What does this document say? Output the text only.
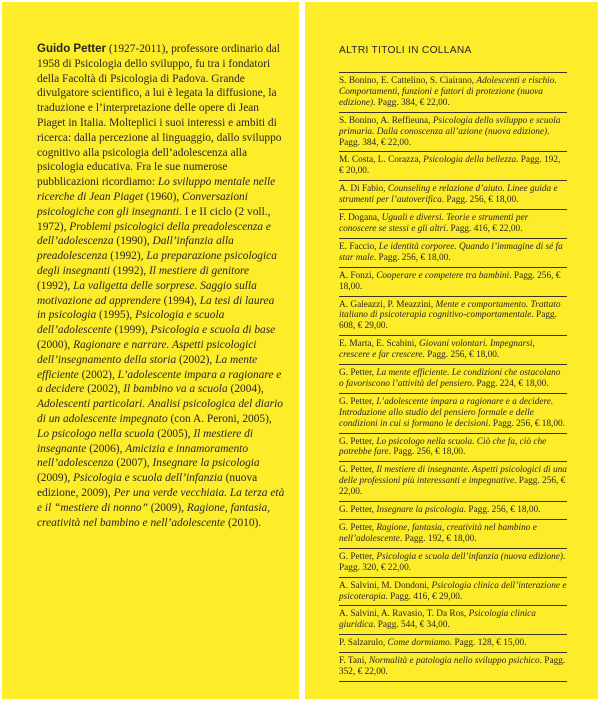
Guido Petter (1927-2011), professore ordinario dal 1958 di Psicologia dello sviluppo, fu tra i fondatori della Facoltà di Psicologia di Padova. Grande divulgatore scientifico, a lui è legata la diffusione, la traduzione e l’interpretazione delle opere di Jean Piaget in Italia. Molteplici i suoi interessi e ambiti di ricerca: dalla percezione al linguaggio, dallo sviluppo cognitivo alla psicologia dell’adolescenza alla psicologia educativa. Fra le sue numerose pubblicazioni ricordiamo: Lo sviluppo mentale nelle ricerche di Jean Piaget (1960), Conversazioni psicologiche con gli insegnanti. I e II ciclo (2 voll., 1972), Problemi psicologici della preadolescenza e dell’adolescenza (1990), Dall’infanzia alla preadolescenza (1992), La preparazione psicologica degli insegnanti (1992), Il mestiere di genitore (1992), La valigetta delle sorprese. Saggio sulla motivazione ad apprendere (1994), La tesi di laurea in psicologia (1995), Psicologia e scuola dell’adolescente (1999), Psicologia e scuola di base (2000), Ragionare e narrare. Aspetti psicologici dell’insegnamento della storia (2002), La mente efficiente (2002), L’adolescente impara a ragionare e a decidere (2002), Il bambino va a scuola (2004), Adolescenti particolari. Analisi psicologica del diario di un adolescente impegnato (con A. Peroni, 2005), Lo psicologo nella scuola (2005), Il mestiere di insegnante (2006), Amicizia e innamoramento nell’adolescenza (2007), Insegnare la psicologia (2009), Psicologia e scuola dell’infanzia (nuova edizione, 2009), Per una verde vecchiaia. La terza età e il “mestiere di nonno” (2009), Ragione, fantasia, creatività nel bambino e nell’adolescente (2010).
ALTRI TITOLI IN COLLANA
S. Bonino, E. Cattelino, S. Ciairano, Adolescenti e rischio. Comportamenti, funzioni e fattori di protezione (nuova edizione). Pagg. 384, € 22,00.
S. Bonino, A. Reffieuna, Psicologia dello sviluppo e scuola primaria. Dalla conoscenza all’azione (nuova edizione). Pagg. 384, € 22,00.
M. Costa, L. Corazza, Psicologia della bellezza. Pagg. 192, € 20,00.
A. Di Fabio, Counseling e relazione d’aiuto. Linee guida e strumenti per l’autoverifica. Pagg. 256, € 18,00.
F. Dogana, Uguali e diversi. Teorie e strumenti per conoscere se stessi e gli altri. Pagg. 416, € 22,00.
E. Faccio, Le identità corporee. Quando l’immagine di sé fa star male. Pagg. 256, € 18,00.
A. Fonzi, Cooperare e competere tra bambini. Pagg. 256, € 18,00.
A. Galeazzi, P. Meazzini, Mente e comportamento. Trattato italiano di psicoterapia cognitivo-comportamentale. Pagg. 608, € 29,00.
E. Marta, E. Scabini, Giovani volontari. Impegnarsi, crescere e far crescere. Pagg. 256, € 18,00.
G. Petter, La mente efficiente. Le condizioni che ostacolano o favoriscono l’attività del pensiero. Pagg. 224, € 18,00.
G. Petter, L’adolescente impara a ragionare e a decidere. Introduzione allo studio del pensiero formale e delle condizioni in cui si formano le decisioni. Pagg. 256, € 18,00.
G. Petter, Lo psicologo nella scuola. Ciò che fa, ciò che potrebbe fare. Pagg. 256, € 18,00.
G. Petter, Il mestiere di insegnante. Aspetti psicologici di una delle professioni più interessanti e impegnative. Pagg. 256, € 22,00.
G. Petter, Insegnare la psicologia. Pagg. 256, € 18,00.
G. Petter, Ragione, fantasia, creatività nel bambino e nell’adolescente. Pagg. 192, € 18,00.
G. Petter, Psicologia e scuola dell’infanzia (nuova edizione). Pagg. 320, € 22,00.
A. Salvini, M. Dondoni, Psicologia clinica dell’interazione e psicoterapia. Pagg. 416, € 29,00.
A. Salvini, A. Ravasio, T. Da Ros, Psicologia clinica giuridica. Pagg. 544, € 34,00.
P. Salzarulo, Come dormiamo. Pagg. 128, € 15,00.
F. Tani, Normalità e patologia nello sviluppo psichico. Pagg. 352, € 22,00.
